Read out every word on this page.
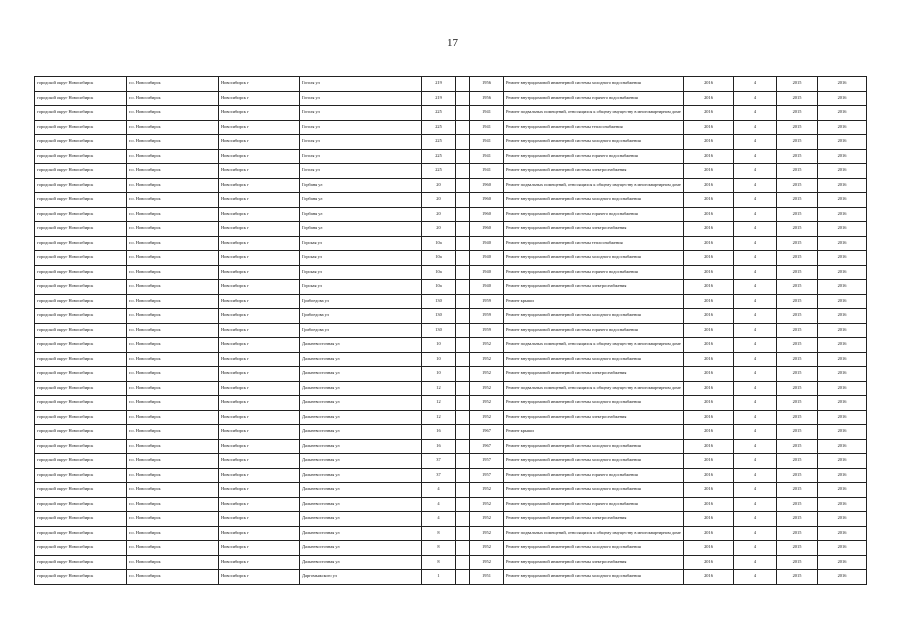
17
городской округ Новосибирск	г.о. Новосибирск	Новосибирск г	Гоголя ул	219		1956	Ремонт внутридомовой инженерной системы холодного водоснабжения	2016	4	2015	2016
городской округ Новосибирск	г.о. Новосибирск	Новосибирск г	Гоголя ул	219		1956	Ремонт внутридомовой инженерной системы горячего водоснабжения	2016	4	2015	2016
городской округ Новосибирск	г.о. Новосибирск	Новосибирск г	Гоголя ул	225		1941	Ремонт подвальных помещений, относящихся к общему имуществу в многоквартирном доме	2016	4	2015	2016
городской округ Новосибирск	г.о. Новосибирск	Новосибирск г	Гоголя ул	225		1941	Ремонт внутридомовой инженерной системы теплоснабжения	2016	4	2015	2016
городской округ Новосибирск	г.о. Новосибирск	Новосибирск г	Гоголя ул	225		1941	Ремонт внутридомовой инженерной системы холодного водоснабжения	2016	4	2015	2016
городской округ Новосибирск	г.о. Новосибирск	Новосибирск г	Гоголя ул	225		1941	Ремонт внутридомовой инженерной системы горячего водоснабжения	2016	4	2015	2016
городской округ Новосибирск	г.о. Новосибирск	Новосибирск г	Гоголя ул	225		1941	Ремонт внутридомовой инженерной системы электроснабжения	2016	4	2015	2016
городской округ Новосибирск	г.о. Новосибирск	Новосибирск г	Горбаня ул	20		1960	Ремонт подвальных помещений, относящихся к общему имуществу в многоквартирном доме	2016	4	2015	2016
городской округ Новосибирск	г.о. Новосибирск	Новосибирск г	Горбаня ул	20		1960	Ремонт внутридомовой инженерной системы холодного водоснабжения	2016	4	2015	2016
городской округ Новосибирск	г.о. Новосибирск	Новосибирск г	Горбаня ул	20		1960	Ремонт внутридомовой инженерной системы горячего водоснабжения	2016	4	2015	2016
городской округ Новосибирск	г.о. Новосибирск	Новосибирск г	Горбаня ул	20		1960	Ремонт внутридомовой инженерной системы электроснабжения	2016	4	2015	2016
городской округ Новосибирск	г.о. Новосибирск	Новосибирск г	Горская ул	10а		1940	Ремонт внутридомовой инженерной системы теплоснабжения	2016	4	2015	2016
городской округ Новосибирск	г.о. Новосибирск	Новосибирск г	Горская ул	10а		1940	Ремонт внутридомовой инженерной системы холодного водоснабжения	2016	4	2015	2016
городской округ Новосибирск	г.о. Новосибирск	Новосибирск г	Горская ул	10а		1940	Ремонт внутридомовой инженерной системы горячего водоснабжения	2016	4	2015	2016
городской округ Новосибирск	г.о. Новосибирск	Новосибирск г	Горская ул	10а		1940	Ремонт внутридомовой инженерной системы электроснабжения	2016	4	2015	2016
городской округ Новосибирск	г.о. Новосибирск	Новосибирск г	Грибоедова ул	130		1959	Ремонт крыши	2016	4	2015	2016
городской округ Новосибирск	г.о. Новосибирск	Новосибирск г	Грибоедова ул	130		1959	Ремонт внутридомовой инженерной системы холодного водоснабжения	2016	4	2015	2016
городской округ Новосибирск	г.о. Новосибирск	Новосибирск г	Грибоедова ул	130		1959	Ремонт внутридомовой инженерной системы горячего водоснабжения	2016	4	2015	2016
городской округ Новосибирск	г.о. Новосибирск	Новосибирск г	Дальневосточная ул	10		1952	Ремонт подвальных помещений, относящихся к общему имуществу в многоквартирном доме	2016	4	2015	2016
городской округ Новосибирск	г.о. Новосибирск	Новосибирск г	Дальневосточная ул	10		1952	Ремонт внутридомовой инженерной системы холодного водоснабжения	2016	4	2015	2016
городской округ Новосибирск	г.о. Новосибирск	Новосибирск г	Дальневосточная ул	10		1952	Ремонт внутридомовой инженерной системы электроснабжения	2016	4	2015	2016
городской округ Новосибирск	г.о. Новосибирск	Новосибирск г	Дальневосточная ул	12		1952	Ремонт подвальных помещений, относящихся к общему имуществу в многоквартирном доме	2016	4	2015	2016
городской округ Новосибирск	г.о. Новосибирск	Новосибирск г	Дальневосточная ул	12		1952	Ремонт внутридомовой инженерной системы холодного водоснабжения	2016	4	2015	2016
городской округ Новосибирск	г.о. Новосибирск	Новосибирск г	Дальневосточная ул	12		1952	Ремонт внутридомовой инженерной системы электроснабжения	2016	4	2015	2016
городской округ Новосибирск	г.о. Новосибирск	Новосибирск г	Дальневосточная ул	16		1967	Ремонт крыши	2016	4	2015	2016
городской округ Новосибирск	г.о. Новосибирск	Новосибирск г	Дальневосточная ул	16		1967	Ремонт внутридомовой инженерной системы холодного водоснабжения	2016	4	2015	2016
городской округ Новосибирск	г.о. Новосибирск	Новосибирск г	Дальневосточная ул	37		1957	Ремонт внутридомовой инженерной системы холодного водоснабжения	2016	4	2015	2016
городской округ Новосибирск	г.о. Новосибирск	Новосибирск г	Дальневосточная ул	37		1957	Ремонт внутридомовой инженерной системы горячего водоснабжения	2016	4	2015	2016
городской округ Новосибирск	г.о. Новосибирск	Новосибирск г	Дальневосточная ул	4		1952	Ремонт внутридомовой инженерной системы холодного водоснабжения	2016	4	2015	2016
городской округ Новосибирск	г.о. Новосибирск	Новосибирск г	Дальневосточная ул	4		1952	Ремонт внутридомовой инженерной системы горячего водоснабжения	2016	4	2015	2016
городской округ Новосибирск	г.о. Новосибирск	Новосибирск г	Дальневосточная ул	4		1952	Ремонт внутридомовой инженерной системы электроснабжения	2016	4	2015	2016
городской округ Новосибирск	г.о. Новосибирск	Новосибирск г	Дальневосточная ул	8		1952	Ремонт подвальных помещений, относящихся к общему имуществу в многоквартирном доме	2016	4	2015	2016
городской округ Новосибирск	г.о. Новосибирск	Новосибирск г	Дальневосточная ул	8		1952	Ремонт внутридомовой инженерной системы холодного водоснабжения	2016	4	2015	2016
городской округ Новосибирск	г.о. Новосибирск	Новосибирск г	Дальневосточная ул	8		1952	Ремонт внутридомовой инженерной системы электроснабжения	2016	4	2015	2016
городской округ Новосибирск	г.о. Новосибирск	Новосибирск г	Даргомыжского ул	1		1951	Ремонт внутридомовой инженерной системы холодного водоснабжения	2016	4	2015	2016
